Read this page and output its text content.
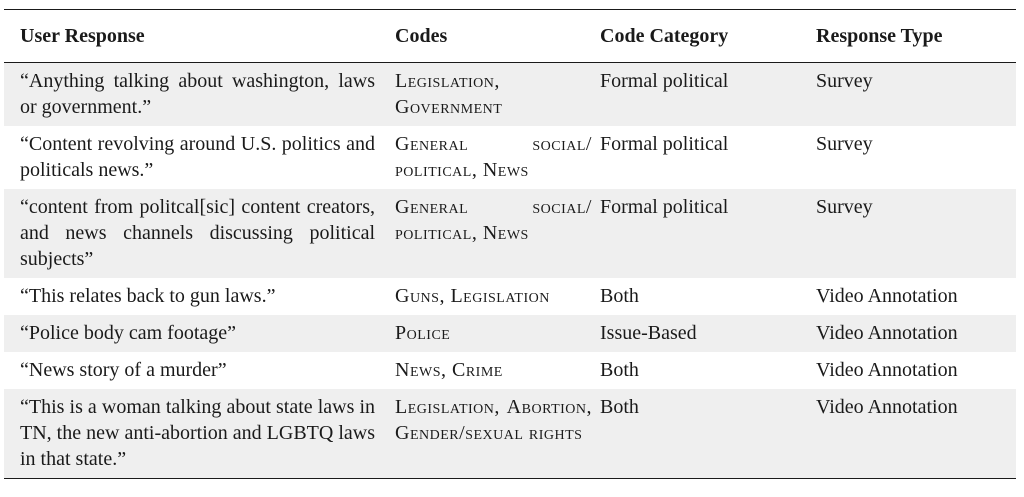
User Response	Codes	Code Category	Response Type
“Anything talking about washington, laws or government.”	Legislation, Government	Formal political	Survey
“Content revolving around U.S. politics and politicals news.”	General social/ political, News	Formal political	Survey
“content from politcal[sic] content creators, and news channels discussing political subjects”	General social/ political, News	Formal political	Survey
“This relates back to gun laws.”	Guns, Legislation	Both	Video Annotation
“Police body cam footage”	Police	Issue-Based	Video Annotation
“News story of a murder”	News, Crime	Both	Video Annotation
“This is a woman talking about state laws in TN, the new anti-abortion and LGBTQ laws in that state.”	Legislation, Abortion, Gender/sexual rights	Both	Video Annotation
